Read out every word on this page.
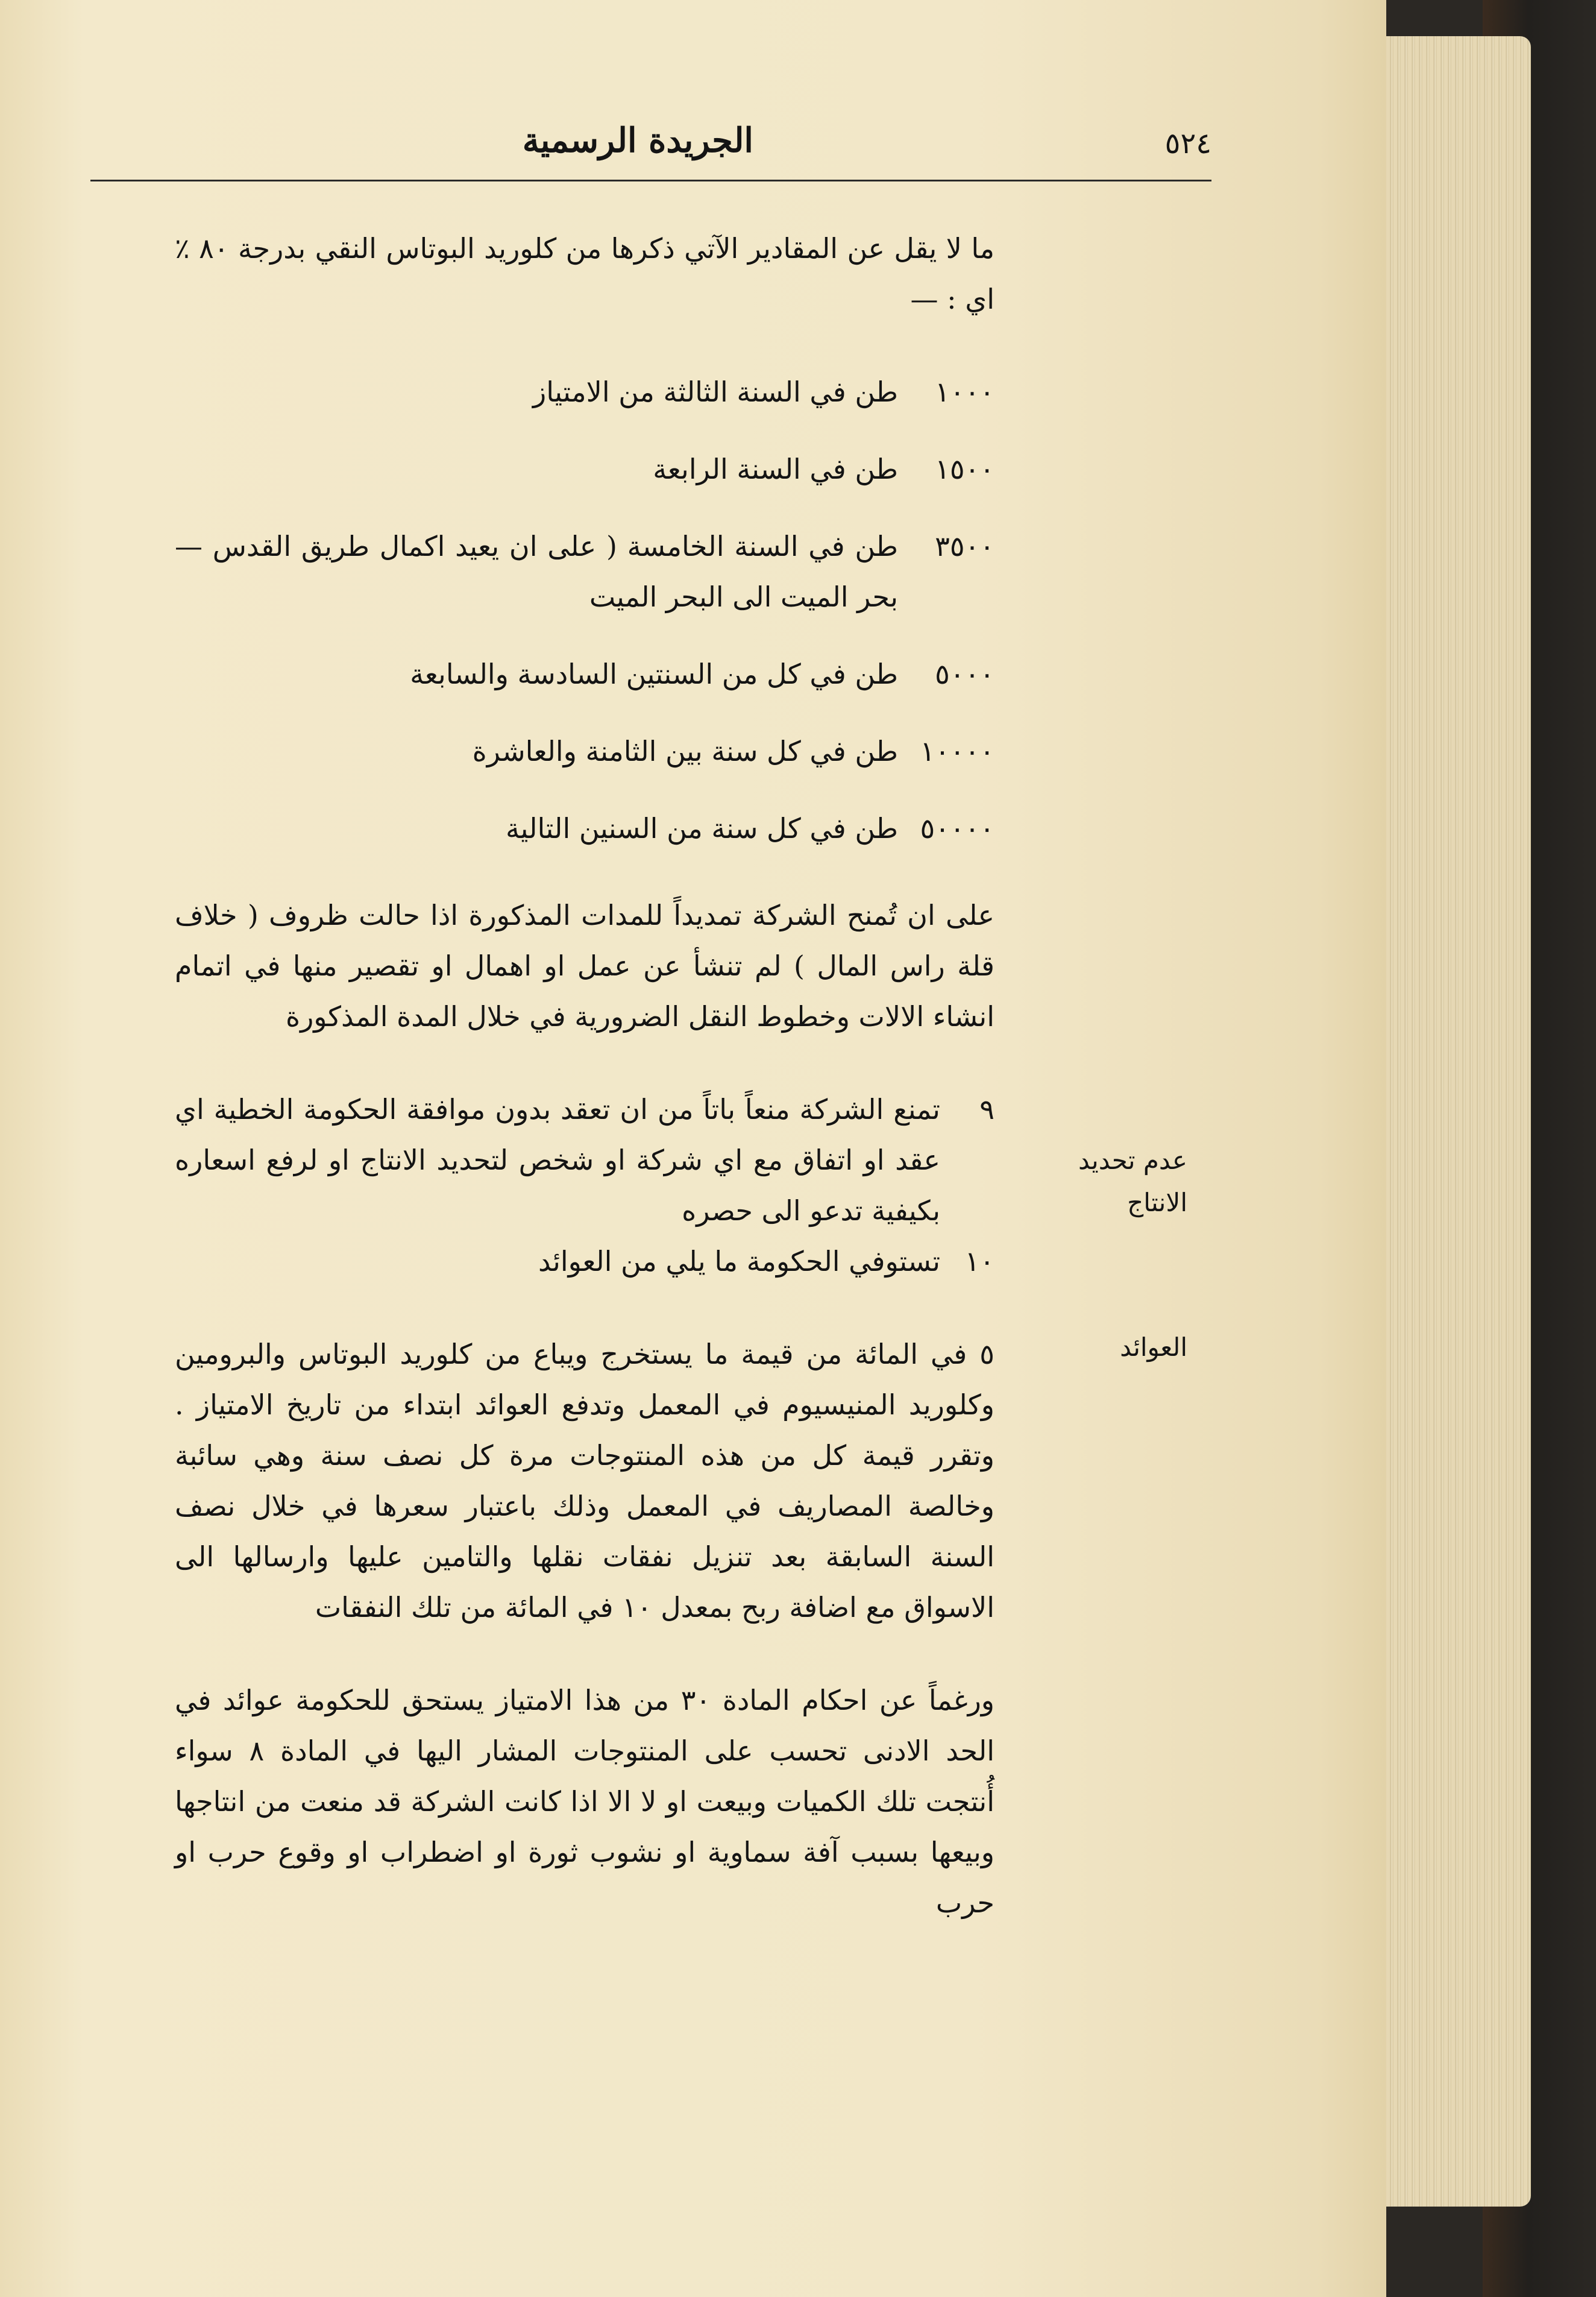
٥٢٤
الجريدة الرسمية
عدم تحديد الانتاج
العوائد

ما لا يقل عن المقادير الآتي ذكرها من كلوريد البوتاس النقي بدرجة ٨٠ ٪ اي : —

١٠٠٠
طن في السنة الثالثة من الامتياز
١٥٠٠
طن في السنة الرابعة
٣٥٠٠
طن في السنة الخامسة ( على ان يعيد اكمال طريق القدس — بحر الميت الى البحر الميت
٥٠٠٠
طن في كل من السنتين السادسة والسابعة
١٠٠٠٠
طن في كل سنة بين الثامنة والعاشرة
٥٠٠٠٠
طن في كل سنة من السنين التالية

على ان تُمنح الشركة تمديداً للمدات المذكورة اذا حالت ظروف ( خلاف قلة راس المال ) لم تنشأ عن عمل او اهمال او تقصير منها في اتمام انشاء الالات وخطوط النقل الضرورية في خلال المدة المذكورة

٩
تمنع الشركة منعاً باتاً من ان تعقد بدون موافقة الحكومة الخطية اي عقد او اتفاق مع اي شركة او شخص لتحديد الانتاج او لرفع اسعاره بكيفية تدعو الى حصره
١٠
تستوفي الحكومة ما يلي من العوائد

٥ في المائة من قيمة ما يستخرج ويباع من كلوريد البوتاس والبرومين وكلوريد المنيسيوم في المعمل وتدفع العوائد ابتداء من تاريخ الامتياز . وتقرر قيمة كل من هذه المنتوجات مرة كل نصف سنة وهي سائبة وخالصة المصاريف في المعمل وذلك باعتبار سعرها في خلال نصف السنة السابقة بعد تنزيل نفقات نقلها والتامين عليها وارسالها الى الاسواق مع اضافة ربح بمعدل ١٠ في المائة من تلك النفقات

ورغماً عن احكام المادة ٣٠ من هذا الامتياز يستحق للحكومة عوائد في الحد الادنى تحسب على المنتوجات المشار اليها في المادة ٨ سواء أُنتجت تلك الكميات وبيعت او لا الا اذا كانت الشركة قد منعت من انتاجها وبيعها بسبب آفة سماوية او نشوب ثورة او اضطراب او وقوع حرب او حرب
